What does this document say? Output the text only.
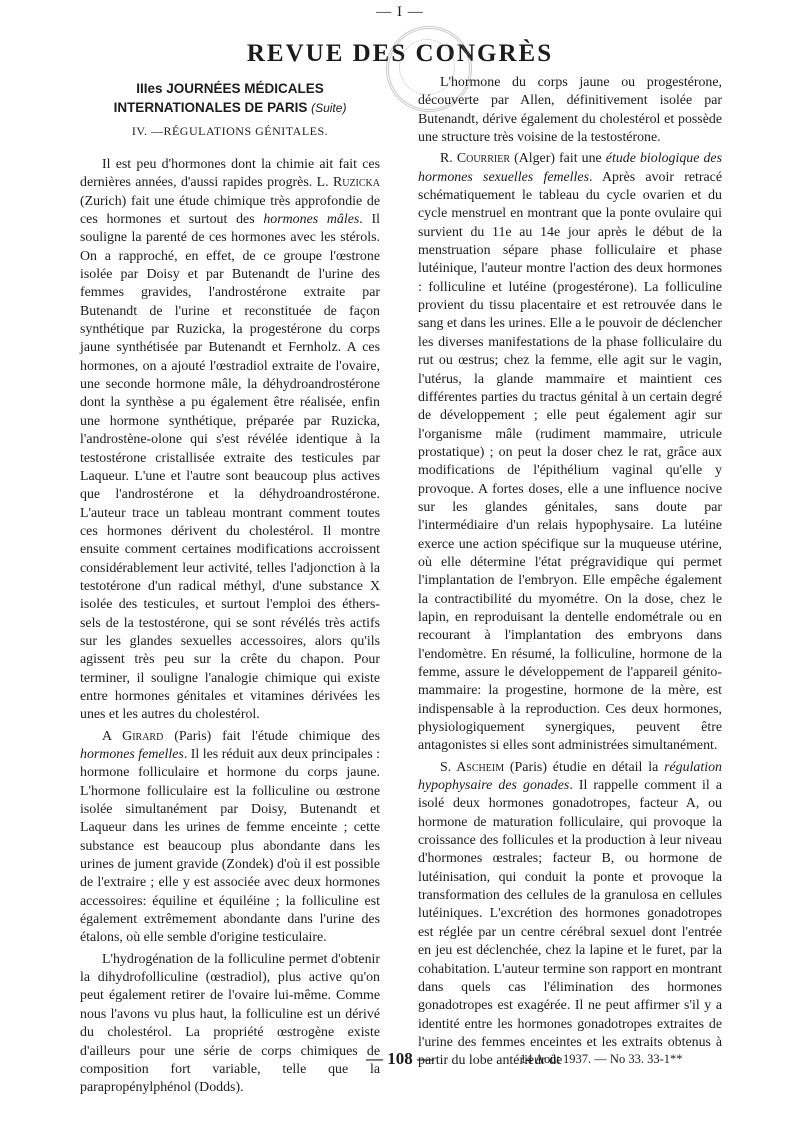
— I —
REVUE DES CONGRÈS
IIIes JOURNÉES MÉDICALES
INTERNATIONALES DE PARIS (Suite)
IV. —RÉGULATIONS GÉNITALES.

Il est peu d'hormones dont la chimie ait fait ces dernières années, d'aussi rapides progrès. L. Ruzicka (Zurich) fait une étude chimique très approfondie de ces hormones et surtout des hormones mâles. Il souligne la parenté de ces hormones avec les stérols. On a rapproché, en effet, de ce groupe l'œstrone isolée par Doisy et par Butenandt de l'urine des femmes gravides, l'androstérone extraite par Butenandt de l'urine et reconstituée de façon synthétique par Ruzicka, la progestérone du corps jaune synthétisée par Butenandt et Fernholz. A ces hormones, on a ajouté l'œstradiol extraite de l'ovaire, une seconde hormone mâle, la déhydroandrostérone dont la synthèse a pu également être réalisée, enfin une hormone synthétique, préparée par Ruzicka, l'androstène-olone qui s'est révélée identique à la testostérone cristallisée extraite des testicules par Laqueur. L'une et l'autre sont beaucoup plus actives que l'androstérone et la déhydroandrostérone. L'auteur trace un tableau montrant comment toutes ces hormones dérivent du cholestérol. Il montre ensuite comment certaines modifications accroissent considérablement leur activité, telles l'adjonction à la testotérone d'un radical méthyl, d'une substance X isolée des testicules, et surtout l'emploi des éthers-sels de la testostérone, qui se sont révélés très actifs sur les glandes sexuelles accessoires, alors qu'ils agissent très peu sur la crête du chapon. Pour terminer, il souligne l'analogie chimique qui existe entre hormones génitales et vitamines dérivées les unes et les autres du cholestérol.

A Girard (Paris) fait l'étude chimique des hormones femelles. Il les réduit aux deux principales : hormone folliculaire et hormone du corps jaune. L'hormone folliculaire est la folliculine ou œstrone isolée simultanément par Doisy, Butenandt et Laqueur dans les urines de femme enceinte ; cette substance est beaucoup plus abondante dans les urines de jument gravide (Zondek) d'où il est possible de l'extraire ; elle y est associée avec deux hormones accessoires: équiline et équiléine ; la folliculine est également extrêmement abondante dans l'urine des étalons, où elle semble d'origine testiculaire.

L'hydrogénation de la folliculine permet d'obtenir la dihydrofolliculine (œstradiol), plus active qu'on peut également retirer de l'ovaire lui-même. Comme nous l'avons vu plus haut, la folliculine est un dérivé du cholestérol. La propriété œstrogène existe d'ailleurs pour une série de corps chimiques de composition fort variable, telle que la parapropénylphénol (Dodds).

L'hormone du corps jaune ou progestérone, découverte par Allen, définitivement isolée par Butenandt, dérive également du cholestérol et possède une structure très voisine de la testostérone.

R. Courrier (Alger) fait une étude biologique des hormones sexuelles femelles. Après avoir retracé schématiquement le tableau du cycle ovarien et du cycle menstruel en montrant que la ponte ovulaire qui survient du 11e au 14e jour après le début de la menstruation sépare phase folliculaire et phase lutéinique, l'auteur montre l'action des deux hormones : folliculine et lutéine (progestérone). La folliculine provient du tissu placentaire et est retrouvée dans le sang et dans les urines. Elle a le pouvoir de déclencher les diverses manifestations de la phase folliculaire du rut ou œstrus; chez la femme, elle agit sur le vagin, l'utérus, la glande mammaire et maintient ces différentes parties du tractus génital à un certain degré de développement ; elle peut également agir sur l'organisme mâle (rudiment mammaire, utricule prostatique) ; on peut la doser chez le rat, grâce aux modifications de l'épithélium vaginal qu'elle y provoque. A fortes doses, elle a une influence nocive sur les glandes génitales, sans doute par l'intermédiaire d'un relais hypophysaire. La lutéine exerce une action spécifique sur la muqueuse utérine, où elle détermine l'état prégravidique qui permet l'implantation de l'embryon. Elle empêche également la contractibilité du myométre. On la dose, chez le lapin, en reproduisant la dentelle endométrale ou en recourant à l'implantation des embryons dans l'endomètre. En résumé, la folliculine, hormone de la femme, assure le développement de l'appareil génito-mammaire: la progestine, hormone de la mère, est indispensable à la reproduction. Ces deux hormones, physiologiquement synergiques, peuvent être antagonistes si elles sont administrées simultanément.

S. Ascheim (Paris) étudie en détail la régulation hypophysaire des gonades. Il rappelle comment il a isolé deux hormones gonadotropes, facteur A, ou hormone de maturation folliculaire, qui provoque la croissance des follicules et la production à leur niveau d'hormones œstrales; facteur B, ou hormone de lutéinisation, qui conduit la ponte et provoque la transformation des cellules de la granulosa en cellules lutéiniques. L'excrétion des hormones gonadotropes est réglée par un centre cérébral sexuel dont l'entrée en jeu est déclenchée, chez la lapine et le furet, par la cohabitation. L'auteur termine son rapport en montrant dans quels cas l'élimination des hormones gonadotropes est exagérée. Il ne peut affirmer s'il y a identité entre les hormones gonadotropes extraites de l'urine des femmes enceintes et les extraits obtenus à partir du lobe antérieur de

— 108 —	14 Août 1937. — No 33. 33-1**
